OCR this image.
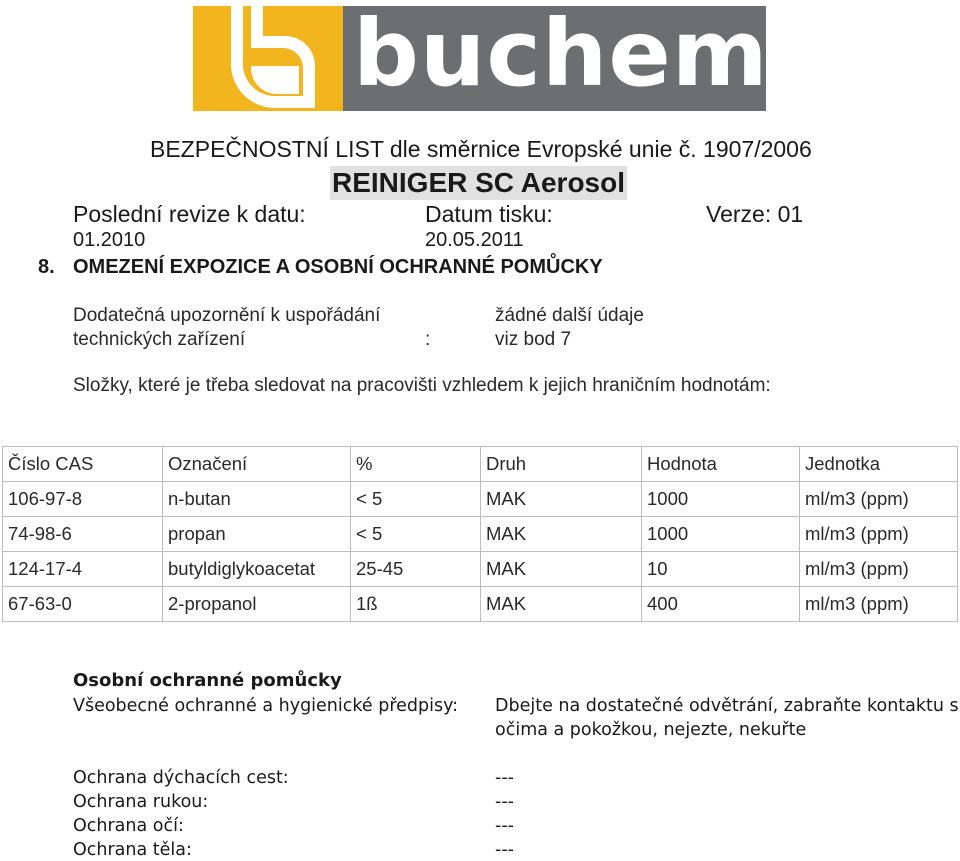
buchem
BEZPEČNOSTNÍ LIST dle směrnice Evropské unie č. 1907/2006
REINIGER SC Aerosol
Poslední revize k datu:
01.2010
Datum tisku:
20.05.2011
Verze: 01
8. OMEZENÍ EXPOZICE A OSOBNÍ OCHRANNÉ POMŮCKY
Dodatečná upozornění k uspořádání
technických zařízení	:
žádné další údaje
viz bod 7
Složky, které je třeba sledovat na pracovišti vzhledem k jejich hraničním hodnotám:
Číslo CAS	Označení	%	Druh	Hodnota	Jednotka
106-97-8	n-butan	< 5	MAK	1000	ml/m3 (ppm)
74-98-6	propan	< 5	MAK	1000	ml/m3 (ppm)
124-17-4	butyldiglykoacetat	25-45	MAK	10	ml/m3 (ppm)
67-63-0	2-propanol	1ß	MAK	400	ml/m3 (ppm)
Osobní ochranné pomůcky
Všeobecné ochranné a hygienické předpisy: Dbejte na dostatečné odvětrání, zabraňte kontaktu s
očima a pokožkou, nejezte, nekuřte
Ochrana dýchacích cest:	---
Ochrana rukou:	---
Ochrana očí:	---
Ochrana těla:	---
